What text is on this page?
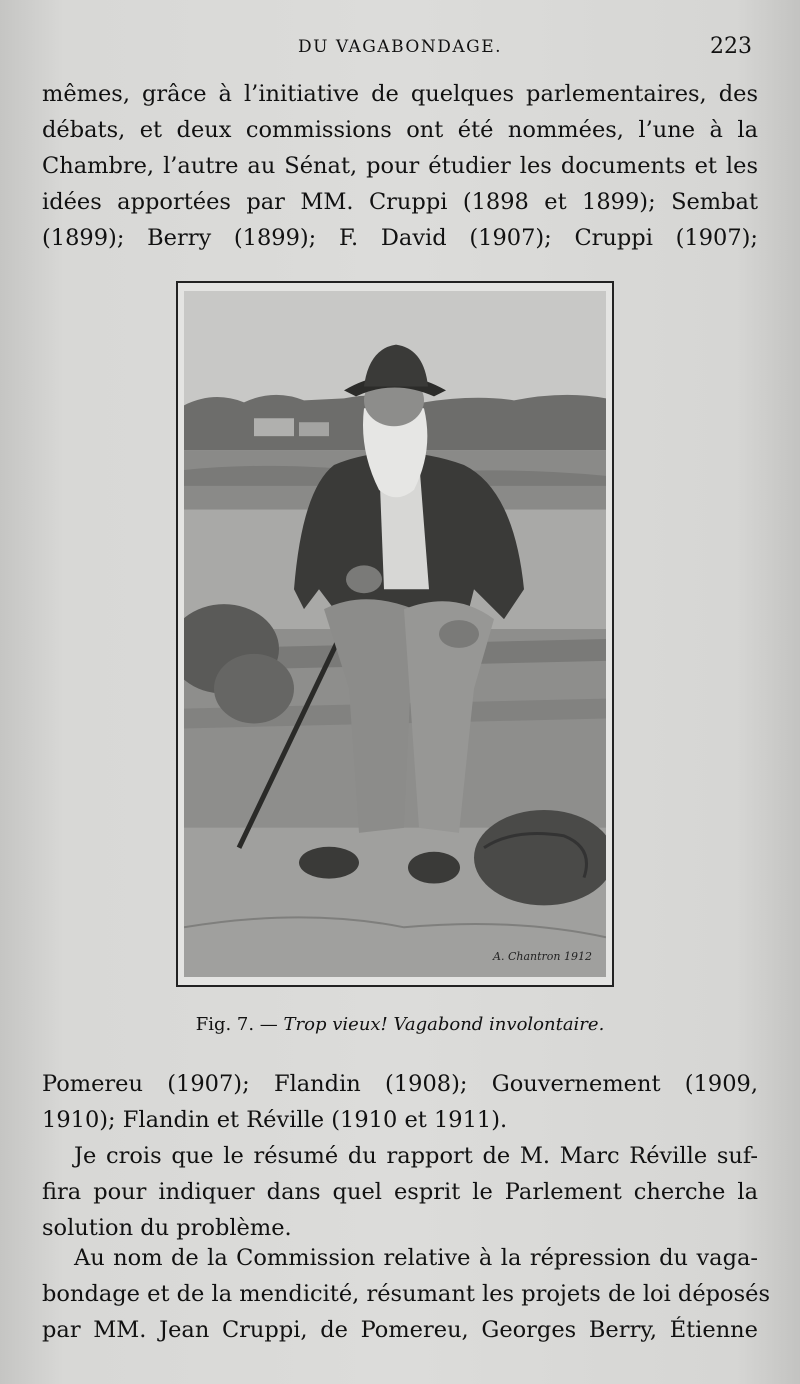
DU VAGABONDAGE.	223
mêmes, grâce à l’initiative de quelques parlementaires, des
débats, et deux commissions ont été nommées, l’une à la
Chambre, l’autre au Sénat, pour étudier les documents et les
idées apportées par MM. Cruppi (1898 et 1899); Sembat
(1899); Berry (1899); F. David (1907); Cruppi (1907);
A. Chantron 1912
Fig. 7. — Trop vieux! Vagabond involontaire.
Pomereu (1907); Flandin (1908); Gouvernement (1909,
1910); Flandin et Réville (1910 et 1911).
Je crois que le résumé du rapport de M. Marc Réville suf-
fira pour indiquer dans quel esprit le Parlement cherche la
solution du problème.
Au nom de la Commission relative à la répression du vaga-
bondage et de la mendicité, résumant les projets de loi déposés
par MM. Jean Cruppi, de Pomereu, Georges Berry, Étienne
